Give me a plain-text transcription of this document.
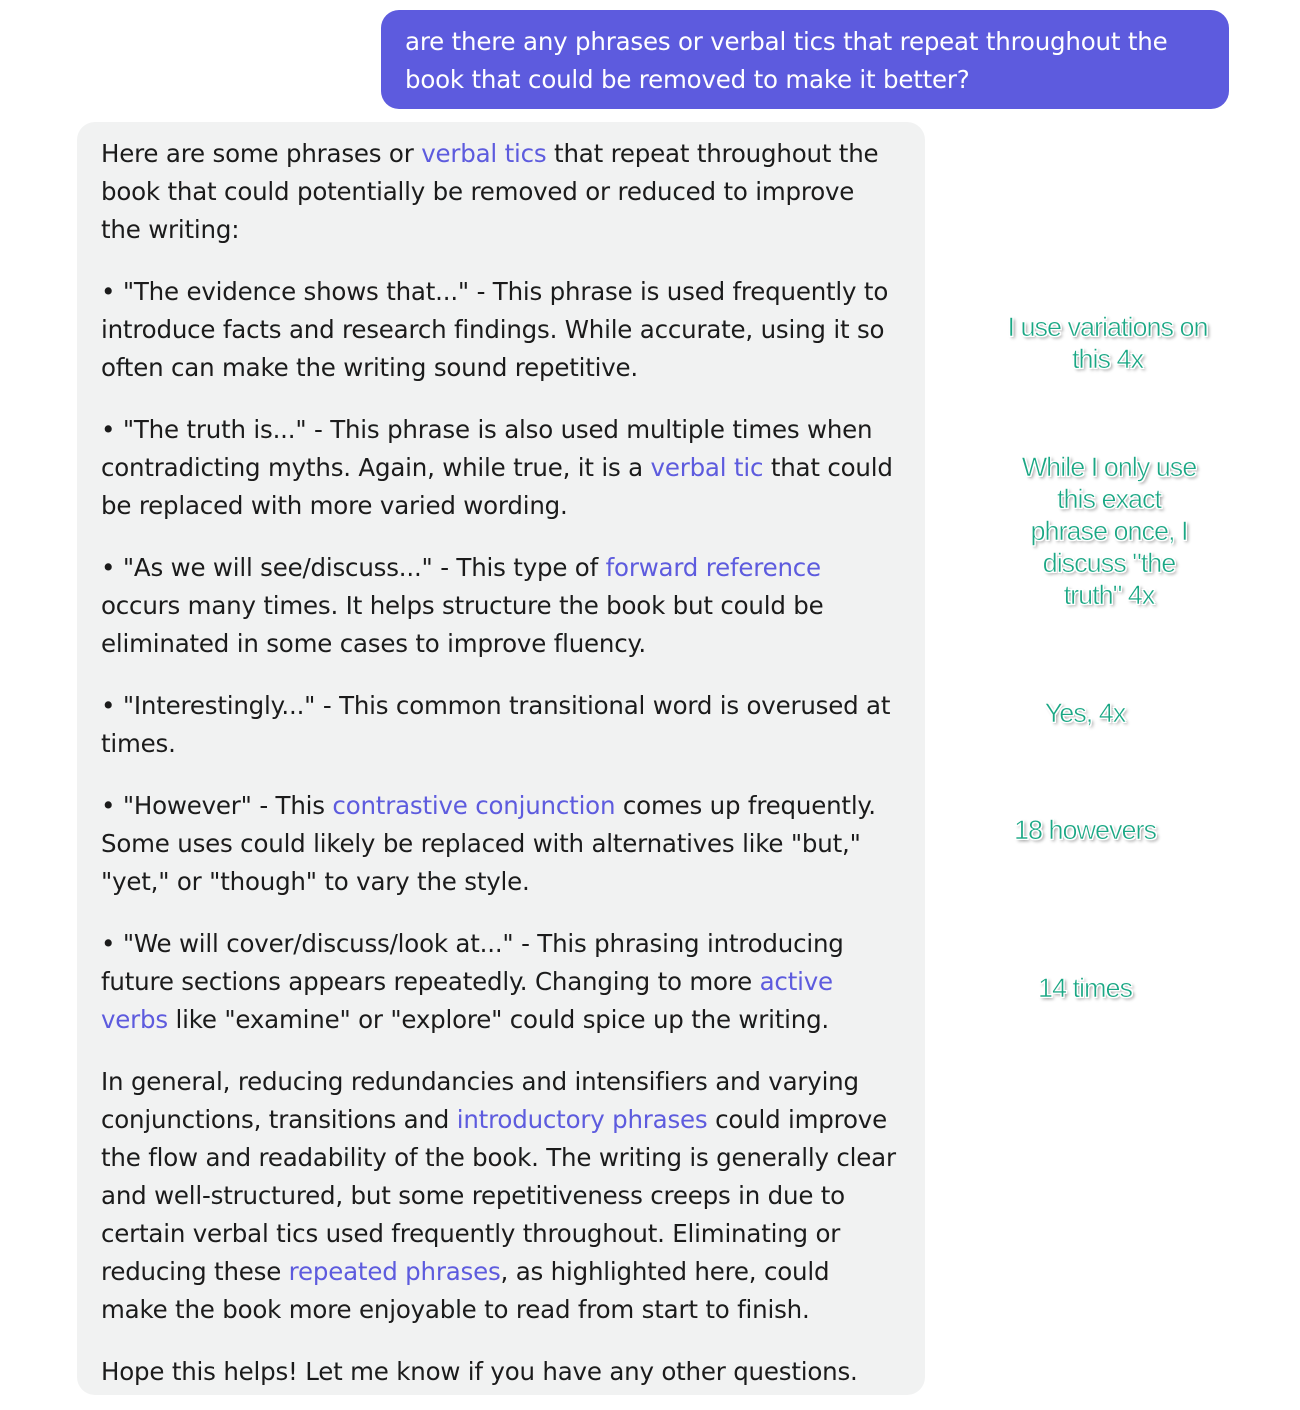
are there any phrases or verbal tics that repeat throughout the book that could be removed to make it better?

Here are some phrases or verbal tics that repeat throughout the book that could potentially be removed or reduced to improve the writing:

• "The evidence shows that..." - This phrase is used frequently to introduce facts and research findings. While accurate, using it so often can make the writing sound repetitive.

• "The truth is..." - This phrase is also used multiple times when contradicting myths. Again, while true, it is a verbal tic that could be replaced with more varied wording.

• "As we will see/discuss..." - This type of forward reference occurs many times. It helps structure the book but could be eliminated in some cases to improve fluency.

• "Interestingly..." - This common transitional word is overused at times.

• "However" - This contrastive conjunction comes up frequently. Some uses could likely be replaced with alternatives like "but," "yet," or "though" to vary the style.

• "We will cover/discuss/look at..." - This phrasing introducing future sections appears repeatedly. Changing to more active verbs like "examine" or "explore" could spice up the writing.

In general, reducing redundancies and intensifiers and varying conjunctions, transitions and introductory phrases could improve the flow and readability of the book. The writing is generally clear and well-structured, but some repetitiveness creeps in due to certain verbal tics used frequently throughout. Eliminating or reducing these repeated phrases, as highlighted here, could make the book more enjoyable to read from start to finish.

Hope this helps! Let me know if you have any other questions.

I use variations on
this 4x
While I only use
this exact
phrase once, I
discuss "the
truth" 4x
Yes, 4x
18 howevers
14 times
